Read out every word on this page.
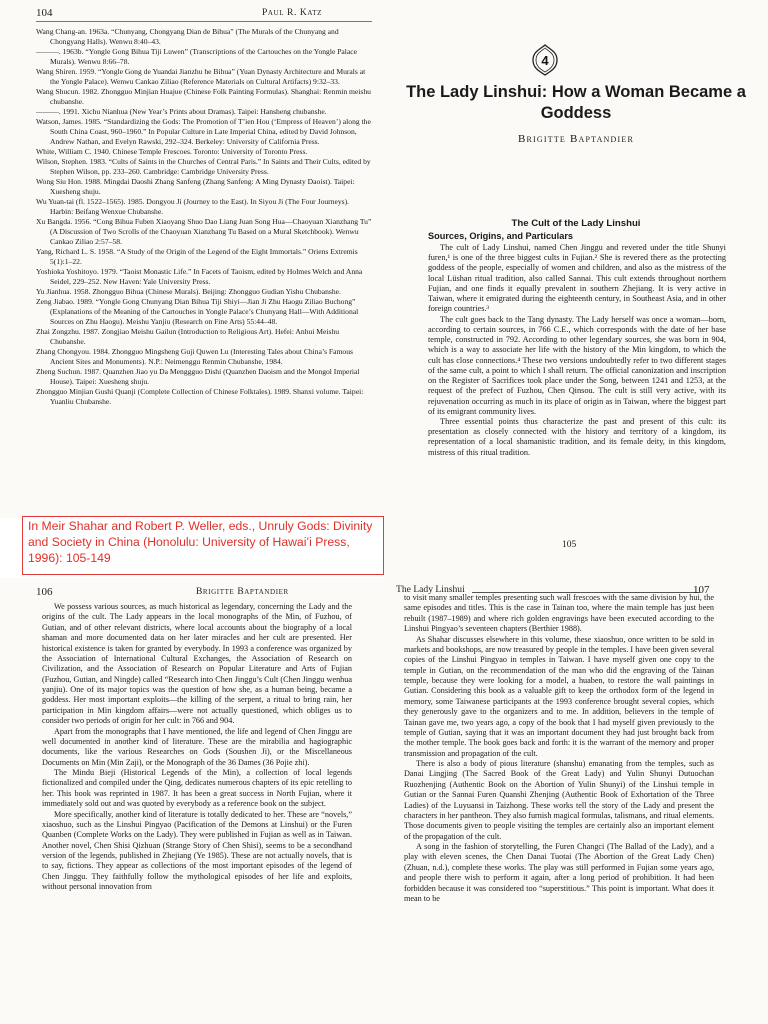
104	Paul R. Katz
Wang Chang-an. 1963a. “Chunyang, Chongyang Dian de Bihua” (The Murals of the Chunyang and Chongyang Halls). Wenwu 8:40–43.
———. 1963b. “Yongle Gong Bihua Tiji Luwen” (Transcriptions of the Cartouches on the Yongle Palace Murals). Wenwu 8:66–78.
Wang Shiren. 1959. “Yongle Gong de Yuandai Jianzhu he Bihua” (Yuan Dynasty Architecture and Murals at the Yongle Palace). Wenwu Cankao Ziliao (Reference Materials on Cultural Artifacts) 9:32–33.
Wang Shucun. 1982. Zhongguo Minjian Huajue (Chinese Folk Painting Formulas). Shanghai: Renmin meishu chubanshe.
———. 1991. Xichu Nianhua (New Year’s Prints about Dramas). Taipei: Hansheng chubanshe.
Watson, James. 1985. “Standardizing the Gods: The Promotion of T’ien Hou (‘Empress of Heaven’) along the South China Coast, 960–1960.” In Popular Culture in Late Imperial China, edited by David Johnson, Andrew Nathan, and Evelyn Rawski, 292–324. Berkeley: University of California Press.
White, William C. 1940. Chinese Temple Frescoes. Toronto: University of Toronto Press.
Wilson, Stephen. 1983. “Cults of Saints in the Churches of Central Paris.” In Saints and Their Cults, edited by Stephen Wilson, pp. 233–260. Cambridge: Cambridge University Press.
Wong Siu Hon. 1988. Mingdai Daoshi Zhang Sanfeng (Zhang Sanfeng: A Ming Dynasty Daoist). Taipei: Xuesheng shuju.
Wu Yuan-tai (fl. 1522–1565). 1985. Dongyou Ji (Journey to the East). In Siyou Ji (The Four Journeys). Harbin: Beifang Wenxue Chubanshe.
Xu Bangda. 1956. “Cong Bihua Fuben Xiaoyang Shuo Dao Liang Juan Song Hua—Chaoyuan Xianzhang Tu” (A Discussion of Two Scrolls of the Chaoyuan Xianzhang Tu Based on a Mural Sketchbook). Wenwu Cankao Ziliao 2:57–58.
Yang, Richard L. S. 1958. “A Study of the Origin of the Legend of the Eight Immortals.” Oriens Extremis 5(1):1–22.
Yoshioka Yoshitoyo. 1979. “Taoist Monastic Life.” In Facets of Taoism, edited by Holmes Welch and Anna Seidel, 229–252. New Haven: Yale University Press.
Yu Jianhua. 1958. Zhongguo Bihua (Chinese Murals). Beijing: Zhongguo Gudian Yishu Chubanshe.
Zeng Jiabao. 1989. “Yongle Gong Chunyang Dian Bihua Tiji Shiyi—Jian Ji Zhu Haogu Ziliao Buchong” (Explanations of the Meaning of the Cartouches in Yongle Palace’s Chunyang Hall—With Additional Sources on Zhu Haogu). Meishu Yanjiu (Research on Fine Arts) 55:44–48.
Zhai Zongzhu. 1987. Zongjiao Meishu Gailun (Introduction to Religious Art). Hefei: Anhui Meishu Chubanshe.
Zhang Chongyou. 1984. Zhongguo Mingsheng Guji Quwen Lu (Interesting Tales about China’s Famous Ancient Sites and Monuments). N.P.: Neimenggu Renmin Chubanshe, 1984.
Zheng Suchun. 1987. Quanzhen Jiao yu Da Menggguo Dishi (Quanzhen Daoism and the Mongol Imperial House). Taipei: Xuesheng shuju.
Zhongguo Minjian Gushi Quanji (Complete Collection of Chinese Folktales). 1989. Shanxi volume. Taipei: Yuanliu Chubanshe.
In Meir Shahar and Robert P. Weller, eds., Unruly Gods: Divinity and Society in China (Honolulu: University of Hawai’i Press, 1996): 105-149
4
The Lady Linshui: How a Woman Became a Goddess
Brigitte Baptandier
The Cult of the Lady Linshui
Sources, Origins, and Particulars

The cult of Lady Linshui, named Chen Jinggu and revered under the title Shunyi furen,¹ is one of the three biggest cults in Fujian.² She is revered there as the protecting goddess of the people, especially of women and children, and also as the mistress of the local Lüshan ritual tradition, also called Sannai. This cult extends throughout northern Fujian, and one finds it equally prevalent in southern Zhejiang. It is very active in Taiwan, where it emigrated during the eighteenth century, in Southeast Asia, and in other foreign countries.³

The cult goes back to the Tang dynasty. The Lady herself was once a woman—born, according to certain sources, in 766 C.E., which corresponds with the date of her base temple, constructed in 792. According to other legendary sources, she was born in 904, which is a way to associate her life with the history of the Min kingdom, to which the cult has close connections.⁴ These two versions undoubtedly refer to two different stages of the same cult, a point to which I shall return. The official canonization and inscription on the Register of Sacrifices took place under the Song, between 1241 and 1253, at the request of the prefect of Fuzhou, Chen Qinsou. The cult is still very active, with its rejuvenation occurring as much in its place of origin as in Taiwan, where the biggest part of its emigrant community lives.

Three essential points thus characterize the past and present of this cult: its presentation as closely connected with the history and territory of a kingdom, its representation of a local shamanistic tradition, and its female deity, in this kingdom, mistress of this ritual tradition.

105
106	Brigitte Baptandier

We possess various sources, as much historical as legendary, concerning the Lady and the origins of the cult. The Lady appears in the local monographs of the Min, of Fuzhou, of Gutian, and of other relevant districts, where local accounts about the biography of a local shaman and more documented data on her later miracles and her cult are presented. Her historical existence is taken for granted by everybody. In 1993 a conference was organized by the Association of International Cultural Exchanges, the Association of Research on Civilization, and the Association of Research on Popular Literature and Arts of Fujian (Fuzhou, Gutian, and Ningde) called “Research into Chen Jinggu’s Cult (Chen Jinggu wenhua yanjiu). One of its major topics was the question of how she, as a human being, became a goddess. Her most important exploits—the killing of the serpent, a ritual to bring rain, her participation in Min kingdom affairs—were not actually questioned, which obliges us to consider two periods of origin for her cult: in 766 and 904.

Apart from the monographs that I have mentioned, the life and legend of Chen Jinggu are well documented in another kind of literature. These are the mirabilia and hagiographic documents, like the various Researches on Gods (Soushen Ji), or the Miscellaneous Documents on Min (Min Zaji), or the Monograph of the 36 Dames (36 Pojie zhi).

The Mindu Bieji (Historical Legends of the Min), a collection of local legends fictionalized and compiled under the Qing, dedicates numerous chapters of its epic retelling to her. This book was reprinted in 1987. It has been a great success in North Fujian, where it immediately sold out and was quoted by everybody as a reference book on the subject.

More specifically, another kind of literature is totally dedicated to her. These are “novels,” xiaoshuo, such as the Linshui Pingyao (Pacification of the Demons at Linshui) or the Furen Quanben (Complete Works on the Lady). They were published in Fujian as well as in Taiwan. Another novel, Chen Shisi Qizhuan (Strange Story of Chen Shisi), seems to be a secondhand version of the legends, published in Zhejiang (Ye 1985). These are not actually novels, that is to say, fictions. They appear as collections of the most important episodes of the legend of Chen Jinggu. They faithfully follow the mythological episodes of her life and exploits, without personal innovation from

The Lady Linshui	107

to visit many smaller temples presenting such wall frescoes with the same division by hui, the same episodes and titles. This is the case in Tainan too, where the main temple has just been rebuilt (1987–1989) and where rich golden engravings have been executed according to the Linshui Pingyao’s seventeen chapters (Berthier 1988).

As Shahar discusses elsewhere in this volume, these xiaoshuo, once written to be sold in markets and bookshops, are now treasured by people in the temples. I have been given several copies of the Linshui Pingyao in temples in Taiwan. I have myself given one copy to the temple in Gutian, on the recommendation of the man who did the engraving of the Tainan temple, because they were looking for a model, a huaben, to restore the wall paintings in Gutian. Considering this book as a valuable gift to keep the orthodox form of the legend in memory, some Taiwanese participants at the 1993 conference brought several copies, which they generously gave to the organizers and to me. In addition, believers in the temple of Tainan gave me, two years ago, a copy of the book that I had myself given previously to the temple of Gutian, saying that it was an important document they had just brought back from the mother temple. The book goes back and forth: it is the warrant of the memory and proper transmission and propagation of the cult.

There is also a body of pious literature (shanshu) emanating from the temples, such as Danai Lingjing (The Sacred Book of the Great Lady) and Yulin Shunyi Dutuochan Ruozhenjing (Authentic Book on the Abortion of Yulin Shunyi) of the Linshui temple in Gutian or the Sannai Furen Quanshi Zhenjing (Authentic Book of Exhortation of the Three Ladies) of the Luyuansi in Taizhong. These works tell the story of the Lady and present the characters in her pantheon. They also furnish magical formulas, talismans, and ritual elements. Those documents given to people visiting the temples are certainly also an important element of the propagation of the cult.

A song in the fashion of storytelling, the Furen Changci (The Ballad of the Lady), and a play with eleven scenes, the Chen Danai Tuotai (The Abortion of the Great Lady Chen) (Zhuan, n.d.), complete these works. The play was still performed in Fujian some years ago, and people there wish to perform it again, after a long period of prohibition. It had been forbidden because it was considered too “superstitious.” This point is important. What does it mean to be
